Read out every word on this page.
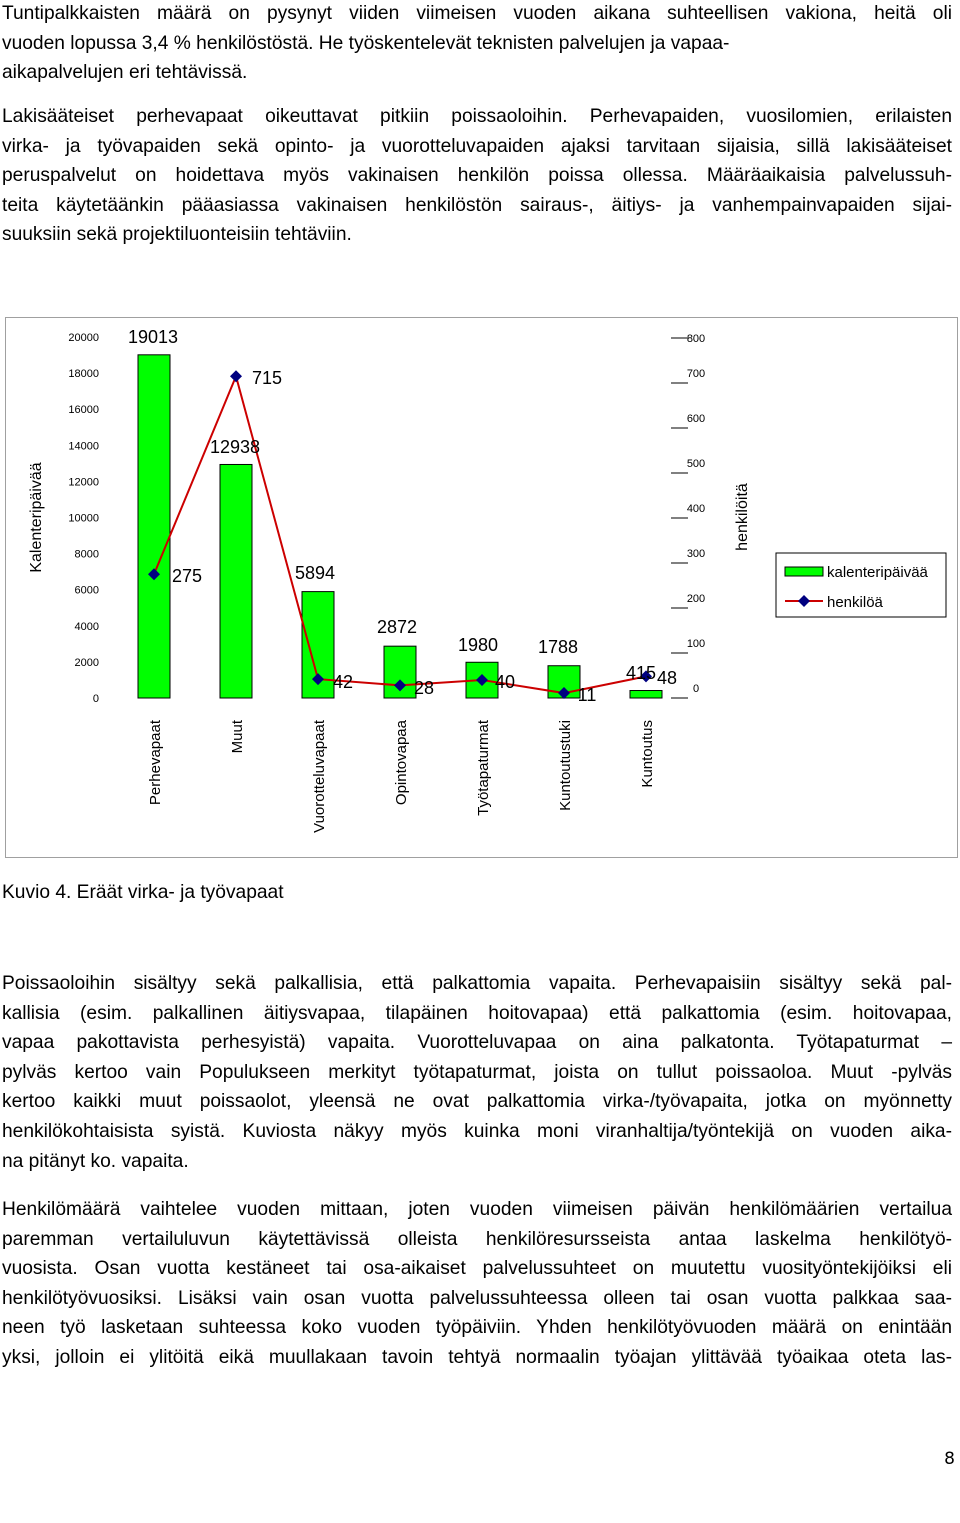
Tuntipalkkaisten määrä on pysynyt viiden viimeisen vuoden aikana suhteellisen vakiona, heitä oli
vuoden lopussa 3,4 % henkilöstöstä. He työskentelevät teknisten palvelujen ja vapaa-
aikapalvelujen eri tehtävissä.
Lakisääteiset perhevapaat oikeuttavat pitkiin poissaoloihin. Perhevapaiden, vuosilomien, erilaisten
virka- ja työvapaiden sekä opinto- ja vuorotteluvapaiden ajaksi tarvitaan sijaisia, sillä lakisääteiset
peruspalvelut on hoidettava myös vakinaisen henkilön poissa ollessa. Määräaikaisia palvelussuh-
teita käytetäänkin pääasiassa vakinaisen henkilöstön sairaus-, äitiys- ja vanhempainvapaiden sijai-
suuksiin sekä projektiluonteisiin tehtäviin.
0
2000
4000
6000
8000
10000
12000
14000
16000
18000
20000
0
100
200
300
400
500
600
700
800
Kalenteripäivää	henkilöitä
19013
12938
5894
2872
1980 1788
415
275
715
42	28	40
11
48
Perhevapaat	Muut	Vuorotteluvapaat	Opintovapaa	Työtapaturmat	Kuntoutustuki	Kuntoutus
kalenteripäivää
henkilöä
Kuvio 4. Eräät virka- ja työvapaat
Poissaoloihin sisältyy sekä palkallisia, että palkattomia vapaita. Perhevapaisiin sisältyy sekä pal-
kallisia (esim. palkallinen äitiysvapaa, tilapäinen hoitovapaa) että palkattomia (esim. hoitovapaa,
vapaa pakottavista perhesyistä) vapaita. Vuorotteluvapaa on aina palkatonta. Työtapaturmat –
pylväs kertoo vain Populukseen merkityt työtapaturmat, joista on tullut poissaoloa. Muut -pylväs
kertoo kaikki muut poissaolot, yleensä ne ovat palkattomia virka-/työvapaita, jotka on myönnetty
henkilökohtaisista syistä. Kuviosta näkyy myös kuinka moni viranhaltija/työntekijä on vuoden aika-
na pitänyt ko. vapaita.
Henkilömäärä vaihtelee vuoden mittaan, joten vuoden viimeisen päivän henkilömäärien vertailua
paremman vertailuluvun käytettävissä olleista henkilöresursseista antaa laskelma henkilötyö-
vuosista. Osan vuotta kestäneet tai osa-aikaiset palvelussuhteet on muutettu vuosityöntekijöiksi eli
henkilötyövuosiksi. Lisäksi vain osan vuotta palvelussuhteessa olleen tai osan vuotta palkkaa saa-
neen työ lasketaan suhteessa koko vuoden työpäiviin. Yhden henkilötyövuoden määrä on enintään
yksi, jolloin ei ylitöitä eikä muullakaan tavoin tehtyä normaalin työajan ylittävää työaikaa oteta las-
8
